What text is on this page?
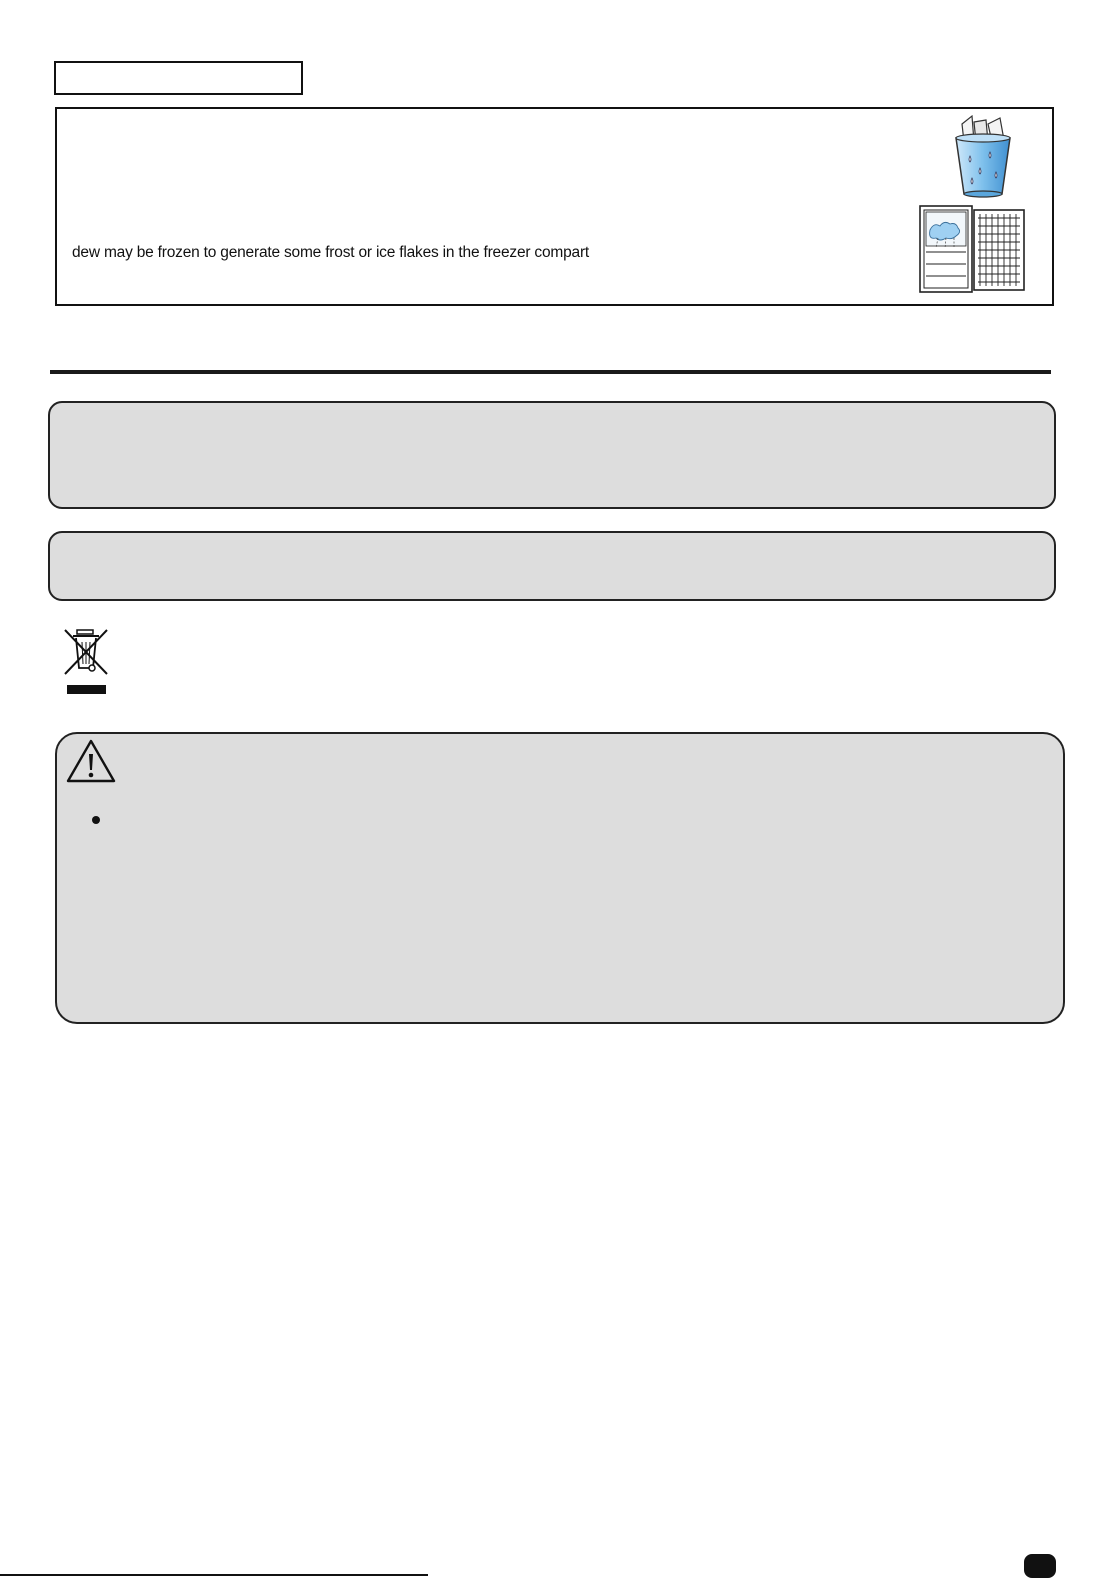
dew may be frozen to generate some frost or ice flakes in the freezer compart
